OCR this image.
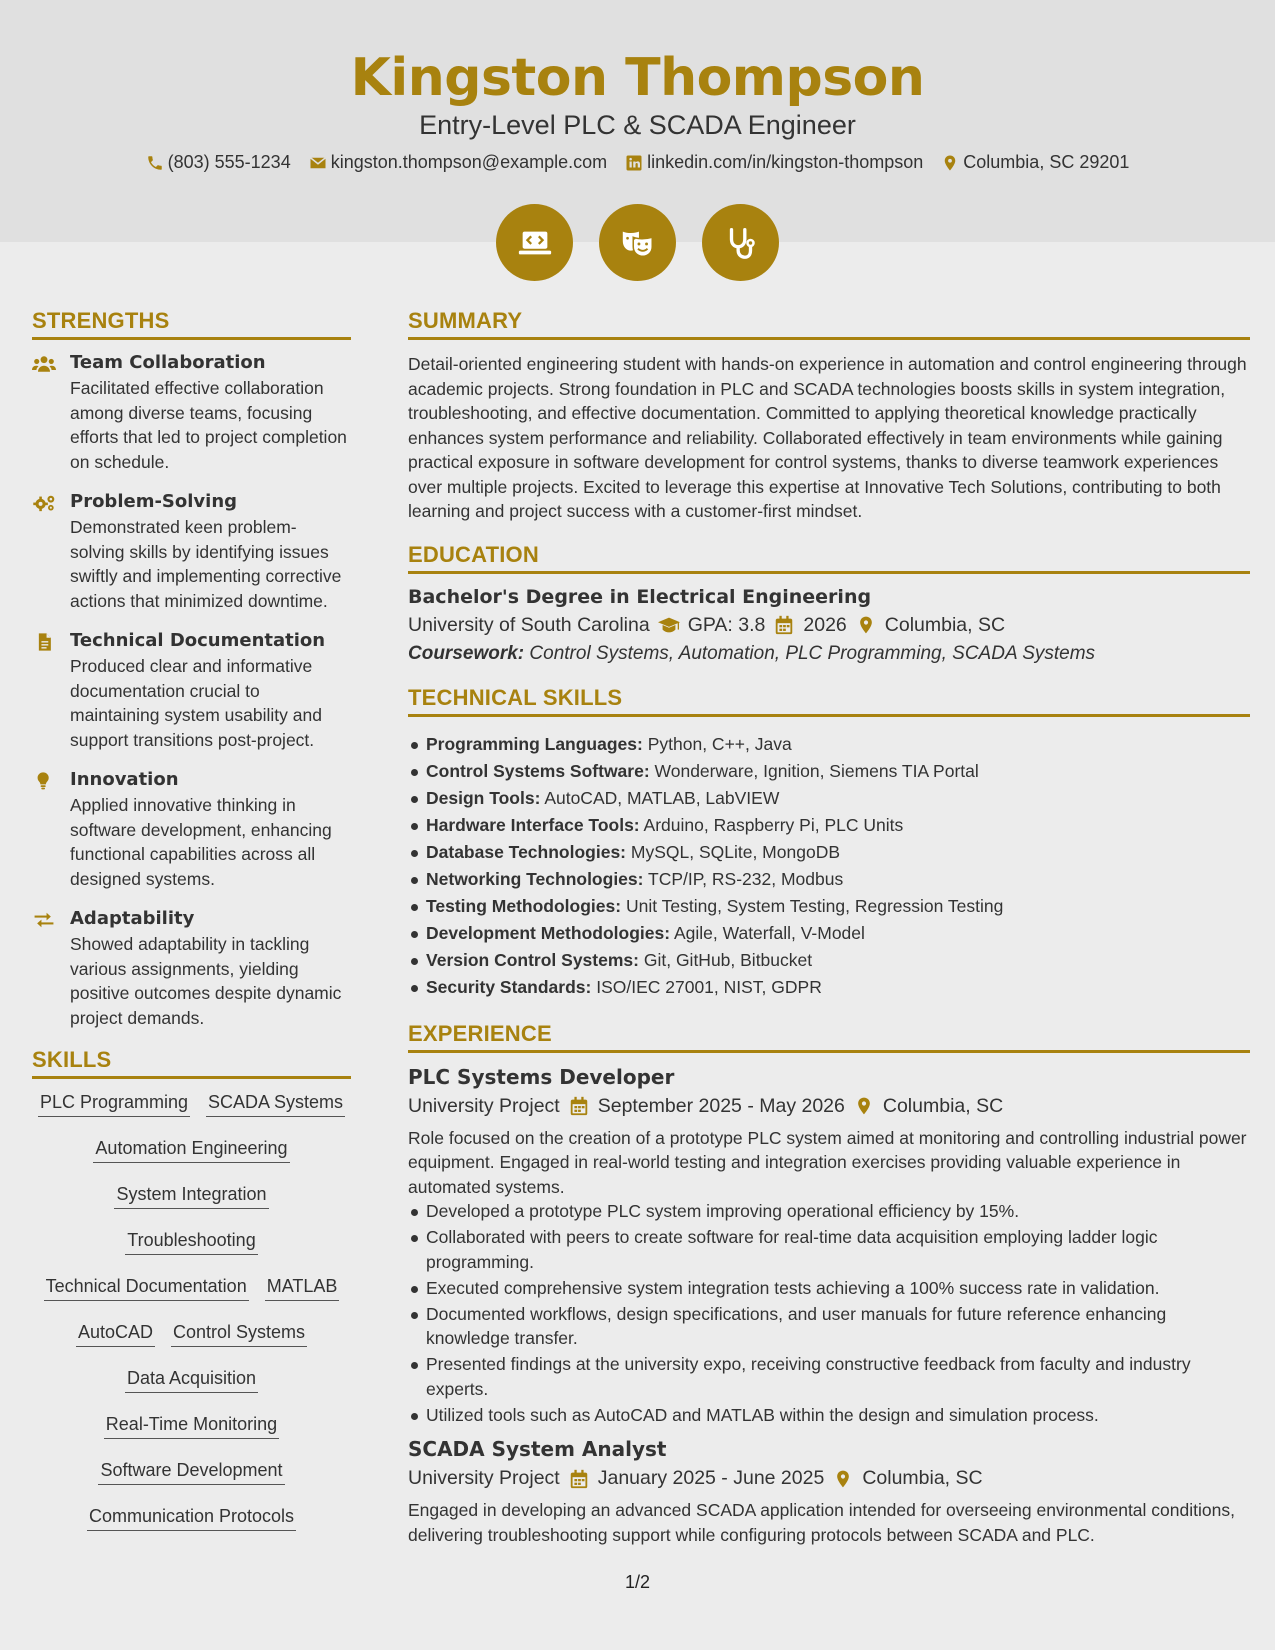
Kingston Thompson
Entry-Level PLC & SCADA Engineer
(803) 555-1234 kingston.thompson@example.com linkedin.com/in/kingston-thompson Columbia, SC 29201
STRENGTHS
Team Collaboration

Facilitated effective collaboration among diverse teams, focusing efforts that led to project completion on schedule.

Problem-Solving

Demonstrated keen problem-solving skills by identifying issues swiftly and implementing corrective actions that minimized downtime.

Technical Documentation

Produced clear and informative documentation crucial to maintaining system usability and support transitions post-project.

Innovation

Applied innovative thinking in software development, enhancing functional capabilities across all designed systems.

Adaptability

Showed adaptability in tackling various assignments, yielding positive outcomes despite dynamic project demands.

SKILLS
PLC Programming SCADA Systems
Automation Engineering
System Integration
Troubleshooting
Technical Documentation MATLAB
AutoCAD Control Systems
Data Acquisition
Real-Time Monitoring
Software Development
Communication Protocols
SUMMARY

Detail-oriented engineering student with hands-on experience in automation and control engineering through academic projects. Strong foundation in PLC and SCADA technologies boosts skills in system integration, troubleshooting, and effective documentation. Committed to applying theoretical knowledge practically enhances system performance and reliability. Collaborated effectively in team environments while gaining practical exposure in software development for control systems, thanks to diverse teamwork experiences over multiple projects. Excited to leverage this expertise at Innovative Tech Solutions, contributing to both learning and project success with a customer-first mindset.

EDUCATION
Bachelor's Degree in Electrical Engineering
University of South Carolina GPA: 3.8 2026 Columbia, SC
Coursework: Control Systems, Automation, PLC Programming, SCADA Systems
TECHNICAL SKILLS
Programming Languages: Python, C++, Java
Control Systems Software: Wonderware, Ignition, Siemens TIA Portal
Design Tools: AutoCAD, MATLAB, LabVIEW
Hardware Interface Tools: Arduino, Raspberry Pi, PLC Units
Database Technologies: MySQL, SQLite, MongoDB
Networking Technologies: TCP/IP, RS-232, Modbus
Testing Methodologies: Unit Testing, System Testing, Regression Testing
Development Methodologies: Agile, Waterfall, V-Model
Version Control Systems: Git, GitHub, Bitbucket
Security Standards: ISO/IEC 27001, NIST, GDPR
EXPERIENCE
PLC Systems Developer
University Project September 2025 - May 2026 Columbia, SC

Role focused on the creation of a prototype PLC system aimed at monitoring and controlling industrial power equipment. Engaged in real-world testing and integration exercises providing valuable experience in automated systems.

Developed a prototype PLC system improving operational efficiency by 15%.
Collaborated with peers to create software for real-time data acquisition employing ladder logic programming.
Executed comprehensive system integration tests achieving a 100% success rate in validation.
Documented workflows, design specifications, and user manuals for future reference enhancing knowledge transfer.
Presented findings at the university expo, receiving constructive feedback from faculty and industry experts.
Utilized tools such as AutoCAD and MATLAB within the design and simulation process.
SCADA System Analyst
University Project January 2025 - June 2025 Columbia, SC

Engaged in developing an advanced SCADA application intended for overseeing environmental conditions, delivering troubleshooting support while configuring protocols between SCADA and PLC.

1/2
